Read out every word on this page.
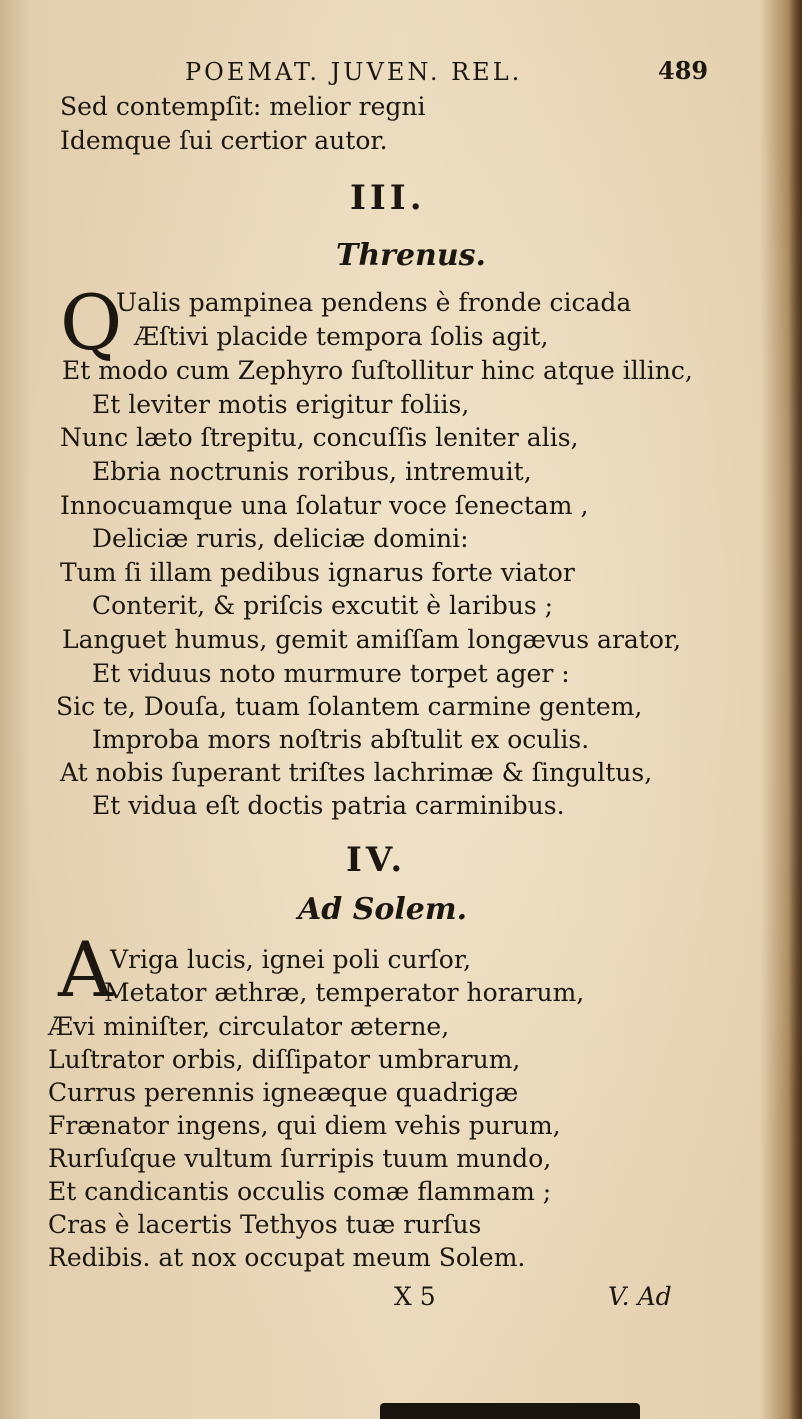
POEMAT. JUVEN. REL.	489
Sed contempſit: melior regni
Idemque ſui certior autor.
III.
Threnus.
Q
Ualis pampinea pendens è fronde cicada
Æſtivi placide tempora ſolis agit,
Et modo cum Zephyro ſuſtollitur hinc atque illinc,
Et leviter motis erigitur foliis,
Nunc læto ſtrepitu, concuſſis leniter alis,
Ebria noctrunis roribus, intremuit,
Innocuamque una ſolatur voce ſenectam ,
Deliciæ ruris, deliciæ domini:
Tum ſi illam pedibus ignarus forte viator
Conterit, & priſcis excutit è laribus ;
Languet humus, gemit amiſſam longævus arator,
Et viduus noto murmure torpet ager :
Sic te, Douſa, tuam ſolantem carmine gentem,
Improba mors noſtris abſtulit ex oculis.
At nobis ſuperant triſtes lachrimæ & ſingultus,
Et vidua eſt doctis patria carminibus.
IV.
Ad Solem.
A
Vriga lucis, ignei poli curſor,
Metator æthræ, temperator horarum,
Ævi miniſter, circulator æterne,
Luſtrator orbis, diſſipator umbrarum,
Currus perennis igneæque quadrigæ
Frænator ingens, qui diem vehis purum,
Rurſuſque vultum ſurripis tuum mundo,
Et candicantis occulis comæ flammam ;
Cras è lacertis Tethyos tuæ rurſus
Redibis. at nox occupat meum Solem.
X 5	V. Ad
